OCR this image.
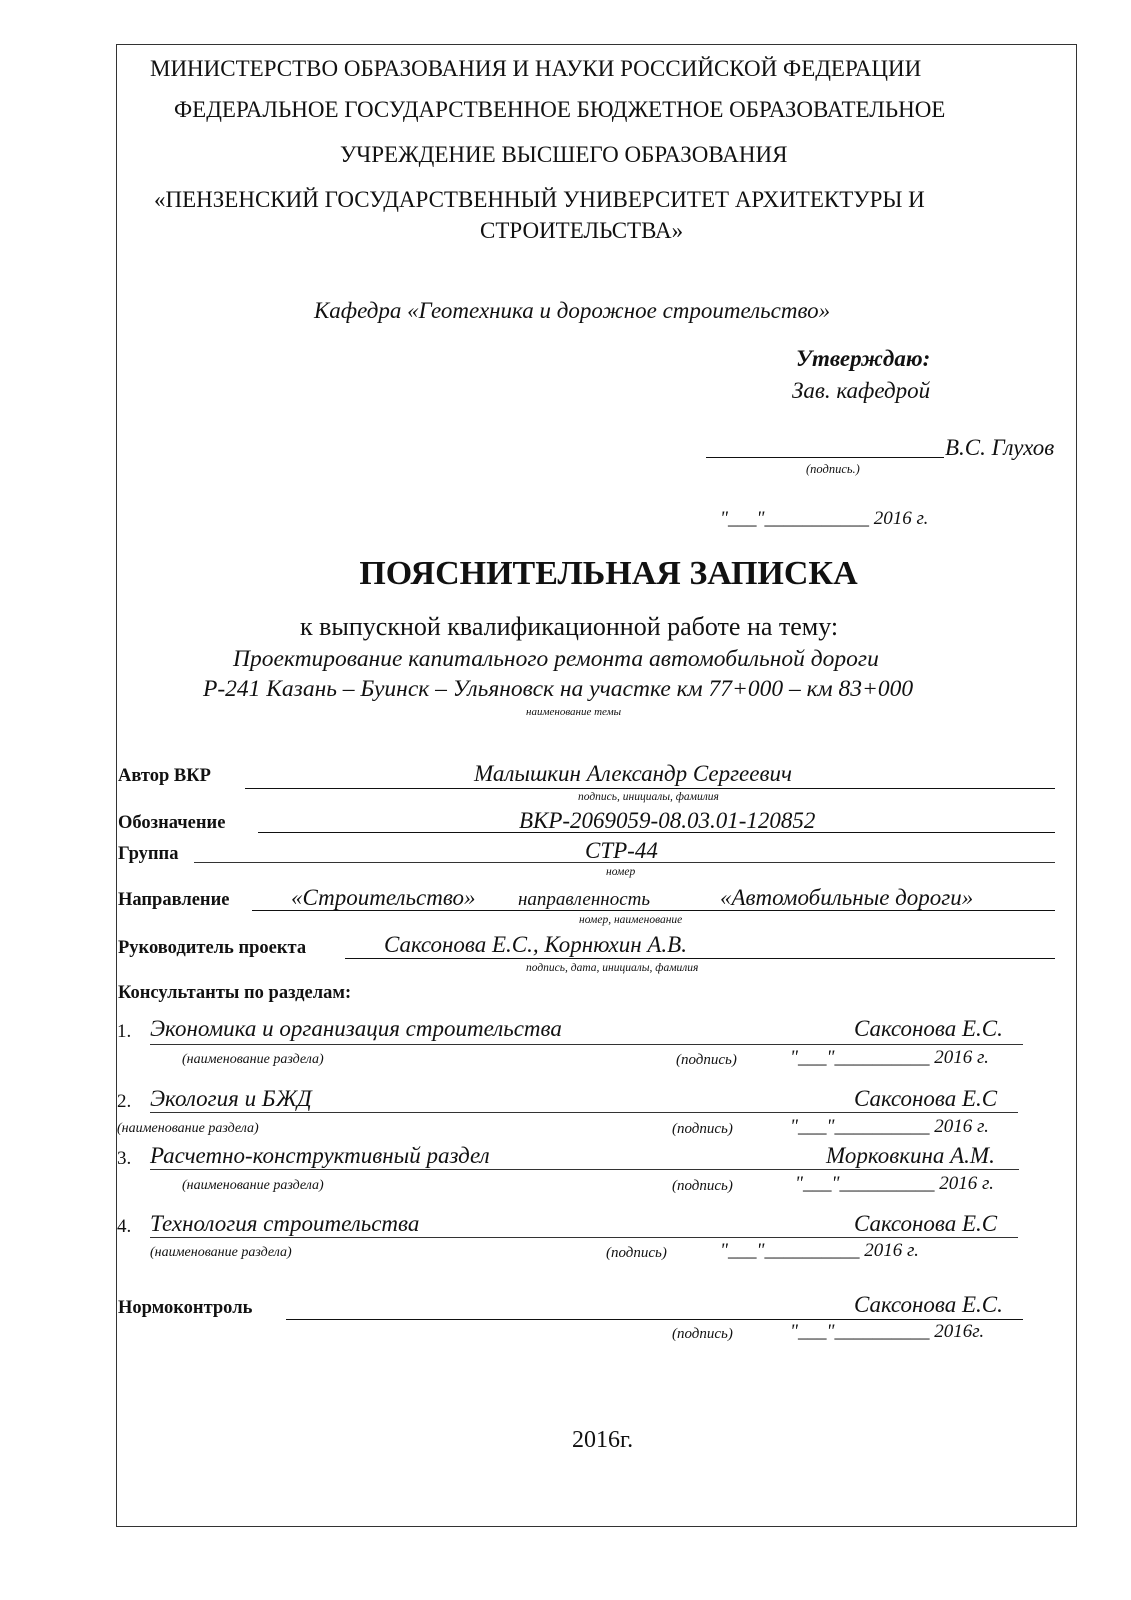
МИНИСТЕРСТВО ОБРАЗОВАНИЯ И НАУКИ РОССИЙСКОЙ ФЕДЕРАЦИИ
ФЕДЕРАЛЬНОЕ ГОСУДАРСТВЕННОЕ БЮДЖЕТНОЕ ОБРАЗОВАТЕЛЬНОЕ
УЧРЕЖДЕНИЕ ВЫСШЕГО ОБРАЗОВАНИЯ
«ПЕНЗЕНСКИЙ ГОСУДАРСТВЕННЫЙ УНИВЕРСИТЕТ АРХИТЕКТУРЫ И
СТРОИТЕЛЬСТВА»
Кафедра «Геотехника и дорожное строительство»
Утверждаю:
Зав. кафедрой
В.С. Глухов
(подпись.)
"___"___________ 2016 г.
ПОЯСНИТЕЛЬНАЯ ЗАПИСКА
к выпускной квалификационной работе на тему:
Проектирование капитального ремонта автомобильной дороги
Р-241 Казань – Буинск – Ульяновск на участке км 77+000 – км 83+000
наименование темы
Автор ВКР	Малышкин Александр Сергеевич
подпись, инициалы, фамилия
Обозначение	ВКР-2069059-08.03.01-120852
Группа	СТР-44
номер
Направление	«Строительство» направленность	«Автомобильные дороги»
номер, наименование
Руководитель проекта	Саксонова Е.С., Корнюхин А.В.
подпись, дата, инициалы, фамилия
Консультанты по разделам:
1. Экономика и организация строительства	Саксонова Е.С.
(наименование раздела)	(подпись)	"___"__________ 2016 г.
2. Экология и БЖД	Саксонова Е.С
(наименование раздела)	(подпись)	"___"__________ 2016 г.
3. Расчетно-конструктивный раздел	Морковкина А.М.
(наименование раздела)	(подпись)	"___"__________ 2016 г.
4. Технология строительства	Саксонова Е.С
(наименование раздела)	(подпись)	"___"__________ 2016 г.
Нормоконтроль	Саксонова Е.С.
(подпись)	"___"__________ 2016г.
2016г.
